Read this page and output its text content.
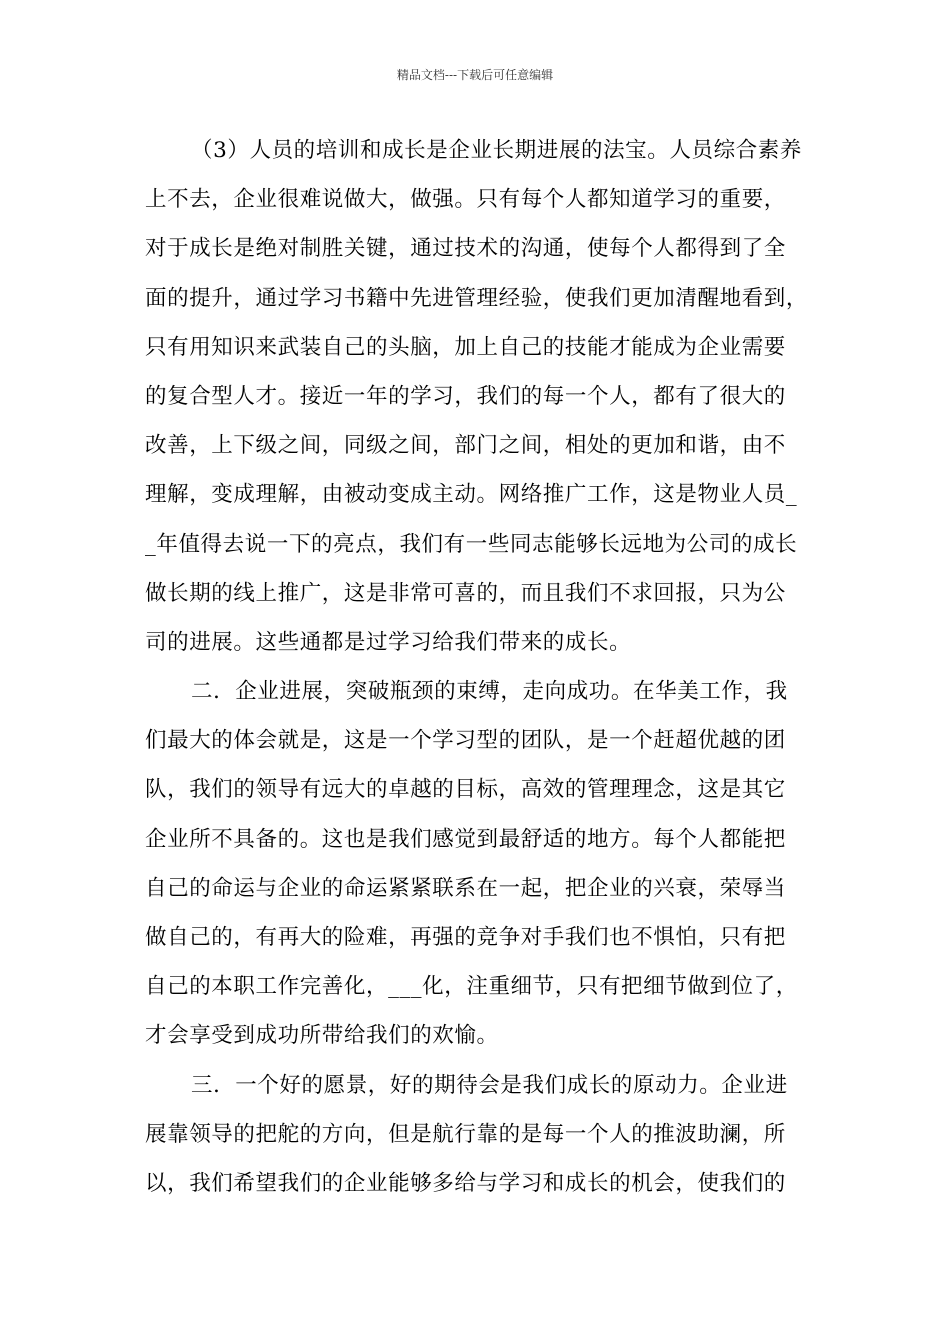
精品文档---下载后可任意编辑
（3）人员的培训和成长是企业长期进展的法宝。人员综合素养
上不去，企业很难说做大，做强。只有每个人都知道学习的重要，
对于成长是绝对制胜关键，通过技术的沟通，使每个人都得到了全
面的提升，通过学习书籍中先进管理经验，使我们更加清醒地看到，
只有用知识来武装自己的头脑，加上自己的技能才能成为企业需要
的复合型人才。接近一年的学习，我们的每一个人，都有了很大的
改善，上下级之间，同级之间，部门之间，相处的更加和谐，由不
理解，变成理解，由被动变成主动。网络推广工作，这是物业人员_
_年值得去说一下的亮点，我们有一些同志能够长远地为公司的成长
做长期的线上推广，这是非常可喜的，而且我们不求回报，只为公
司的进展。这些通都是过学习给我们带来的成长。
二．企业进展，突破瓶颈的束缚，走向成功。在华美工作，我
们最大的体会就是，这是一个学习型的团队，是一个赶超优越的团
队，我们的领导有远大的卓越的目标，高效的管理理念，这是其它
企业所不具备的。这也是我们感觉到最舒适的地方。每个人都能把
自己的命运与企业的命运紧紧联系在一起，把企业的兴衰，荣辱当
做自己的，有再大的险难，再强的竞争对手我们也不惧怕，只有把
自己的本职工作完善化，___化，注重细节，只有把细节做到位了，
才会享受到成功所带给我们的欢愉。
三．一个好的愿景，好的期待会是我们成长的原动力。企业进
展靠领导的把舵的方向，但是航行靠的是每一个人的推波助澜，所
以，我们希望我们的企业能够多给与学习和成长的机会，使我们的
